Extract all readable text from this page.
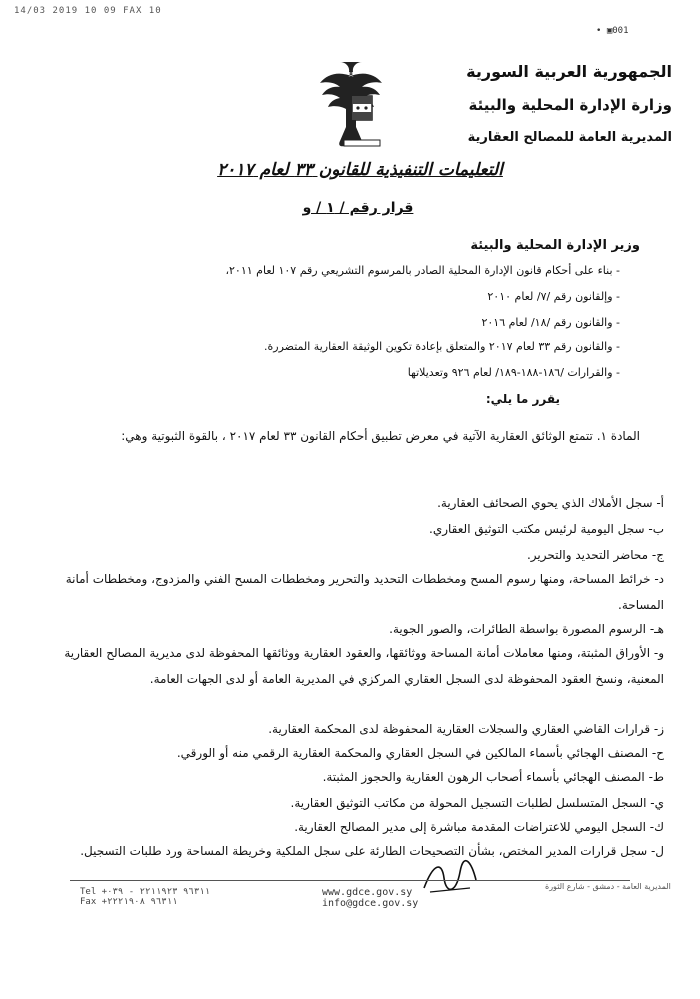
14/03 2019 10 09 FAX 10
• ▣001
الجمهورية العربية السورية
وزارة الإدارة المحلية والبيئة
المديرية العامة للمصالح العقارية
التعليمات التنفيذية للقانون ٣٣ لعام ٢٠١٧
قرار رقم / ١ / و
وزير الإدارة المحلية والبيئة
- بناء على أحكام قانون الإدارة المحلية الصادر بالمرسوم التشريعي رقم ١٠٧ لعام ٢٠١١،
- وإلقانون رقم /٧/ لعام ٢٠١٠
- والقانون رقم /١٨/ لعام ٢٠١٦
- والقانون رقم ٣٣ لعام ٢٠١٧ والمتعلق بإعادة تكوين الوثيقة العقارية المتضررة.
- والقرارات /١٨٦-١٨٨-١٨٩/ لعام ٩٢٦ وتعديلاتها
يقرر ما يلي:
المادة ١. تتمتع الوثائق العقارية الآتية في معرض تطبيق أحكام القانون ٣٣ لعام ٢٠١٧ ، بالقوة الثبوتية وهي:
أ- سجل الأملاك الذي يحوي الصحائف العقارية.
ب- سجل اليومية لرئيس مكتب التوثيق العقاري.
ج- محاضر التحديد والتحرير.
د- خرائط المساحة، ومنها رسوم المسح ومخططات التحديد والتحرير ومخططات المسح الفني والمزدوج، ومخططات أمانة المساحة.
هـ- الرسوم المصورة بواسطة الطائرات، والصور الجوية.
و- الأوراق المثبتة، ومنها معاملات أمانة المساحة ووثائقها، والعقود العقارية ووثائقها المحفوظة لدى مديرية المصالح العقارية المعنية، ونسخ العقود المحفوظة لدى السجل العقاري المركزي في المديرية العامة أو لدى الجهات العامة.
ز- قرارات القاضي العقاري والسجلات العقارية المحفوظة لدى المحكمة العقارية.
ح- المصنف الهجائي بأسماء المالكين في السجل العقاري والمحكمة العقارية الرقمي منه أو الورقي.
ط- المصنف الهجائي بأسماء أصحاب الرهون العقارية والحجوز المثبتة.
ي- السجل المتسلسل لطلبات التسجيل المحولة من مكاتب التوثيق العقارية.
ك- السجل اليومي للاعتراضات المقدمة مباشرة إلى مدير المصالح العقارية.
ل- سجل قرارات المدير المختص، بشأن التصحيحات الطارئة على سجل الملكية وخريطة المساحة ورد طلبات التسجيل.
www.gdce.gov.sy
info@gdce.gov.sy
Tel +٩٦٣١١ ٢٢١١٩٢٣ - ٠٣٩
Fax +٩٦٣١١ ٢٢٢١٩٠٨
المديرية العامة - دمشق - شارع الثورة
